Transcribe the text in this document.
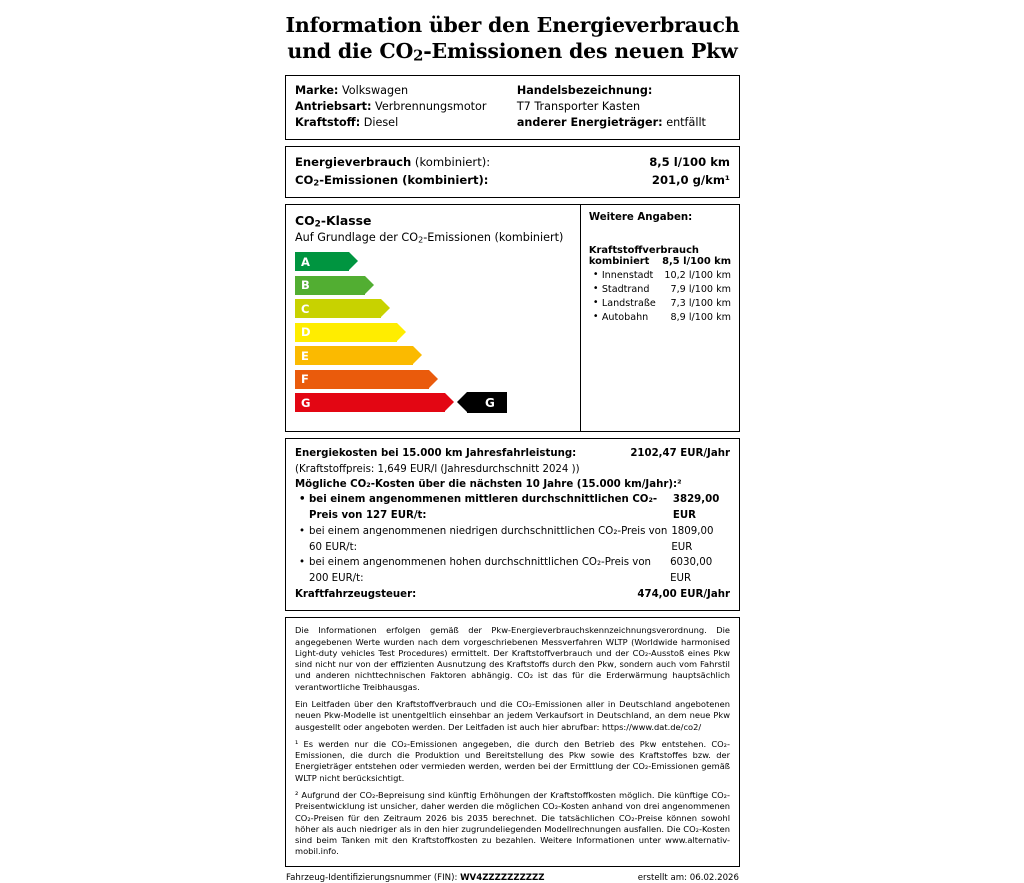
Information über den Energieverbrauch
und die CO2-Emissionen des neuen Pkw
Marke: Volkswagen
Antriebsart: Verbrennungsmotor
Kraftstoff: Diesel
Handelsbezeichnung:
T7 Transporter Kasten
anderer Energieträger: entfällt
Energieverbrauch (kombiniert):	8,5 l/100 km
CO2-Emissionen (kombiniert):	201,0 g/km¹
CO2-Klasse
Auf Grundlage der CO2-Emissionen (kombiniert)
A
B
C
D
E
F
G	G
Weitere Angaben:
Kraftstoffverbrauch
kombiniert 8,5 l/100 km
• Innenstadt	10,2 l/100 km
• Stadtrand	7,9 l/100 km
• Landstraße	7,3 l/100 km
• Autobahn	8,9 l/100 km
Energiekosten bei 15.000 km Jahresfahrleistung:	2102,47 EUR/Jahr
(Kraftstoffpreis: 1,649 EUR/l (Jahresdurchschnitt 2024 ))
Mögliche CO₂-Kosten über die nächsten 10 Jahre (15.000 km/Jahr):²
• bei einem angenommenen mittleren durchschnittlichen CO₂-Preis von 127 EUR/t:
3829,00 EUR
• bei einem angenommenen niedrigen durchschnittlichen CO₂-Preis von 60 EUR/t:
1809,00 EUR
• bei einem angenommenen hohen durchschnittlichen CO₂-Preis von 200 EUR/t:
6030,00 EUR
Kraftfahrzeugsteuer:	474,00 EUR/Jahr

Die Informationen erfolgen gemäß der Pkw-Energieverbrauchskennzeichnungsverordnung. Die angegebenen Werte wurden nach dem vorgeschriebenen Messverfahren WLTP (Worldwide harmonised Light-duty vehicles Test Procedures) ermittelt. Der Kraftstoffverbrauch und der CO₂-Ausstoß eines Pkw sind nicht nur von der effizienten Ausnutzung des Kraftstoffs durch den Pkw, sondern auch vom Fahrstil und anderen nichttechnischen Faktoren abhängig. CO₂ ist das für die Erderwärmung hauptsächlich verantwortliche Treibhausgas.

Ein Leitfaden über den Kraftstoffverbrauch und die CO₂-Emissionen aller in Deutschland angebotenen neuen Pkw-Modelle ist unentgeltlich einsehbar an jedem Verkaufsort in Deutschland, an dem neue Pkw ausgestellt oder angeboten werden. Der Leitfaden ist auch hier abrufbar: https://www.dat.de/co2/

¹ Es werden nur die CO₂-Emissionen angegeben, die durch den Betrieb des Pkw entstehen. CO₂-Emissionen, die durch die Produktion und Bereitstellung des Pkw sowie des Kraftstoffes bzw. der Energieträger entstehen oder vermieden werden, werden bei der Ermittlung der CO₂-Emissionen gemäß WLTP nicht berücksichtigt.

² Aufgrund der CO₂-Bepreisung sind künftig Erhöhungen der Kraftstoffkosten möglich. Die künftige CO₂-Preisentwicklung ist unsicher, daher werden die möglichen CO₂-Kosten anhand von drei angenommenen CO₂-Preisen für den Zeitraum 2026 bis 2035 berechnet. Die tatsächlichen CO₂-Preise können sowohl höher als auch niedriger als in den hier zugrundeliegenden Modellrechnungen ausfallen. Die CO₂-Kosten sind beim Tanken mit den Kraftstoffkosten zu bezahlen. Weitere Informationen unter www.alternativ-mobil.info.

Fahrzeug-Identifizierungsnummer (FIN): WV4ZZZZZZZZZZ	erstellt am: 06.02.2026
